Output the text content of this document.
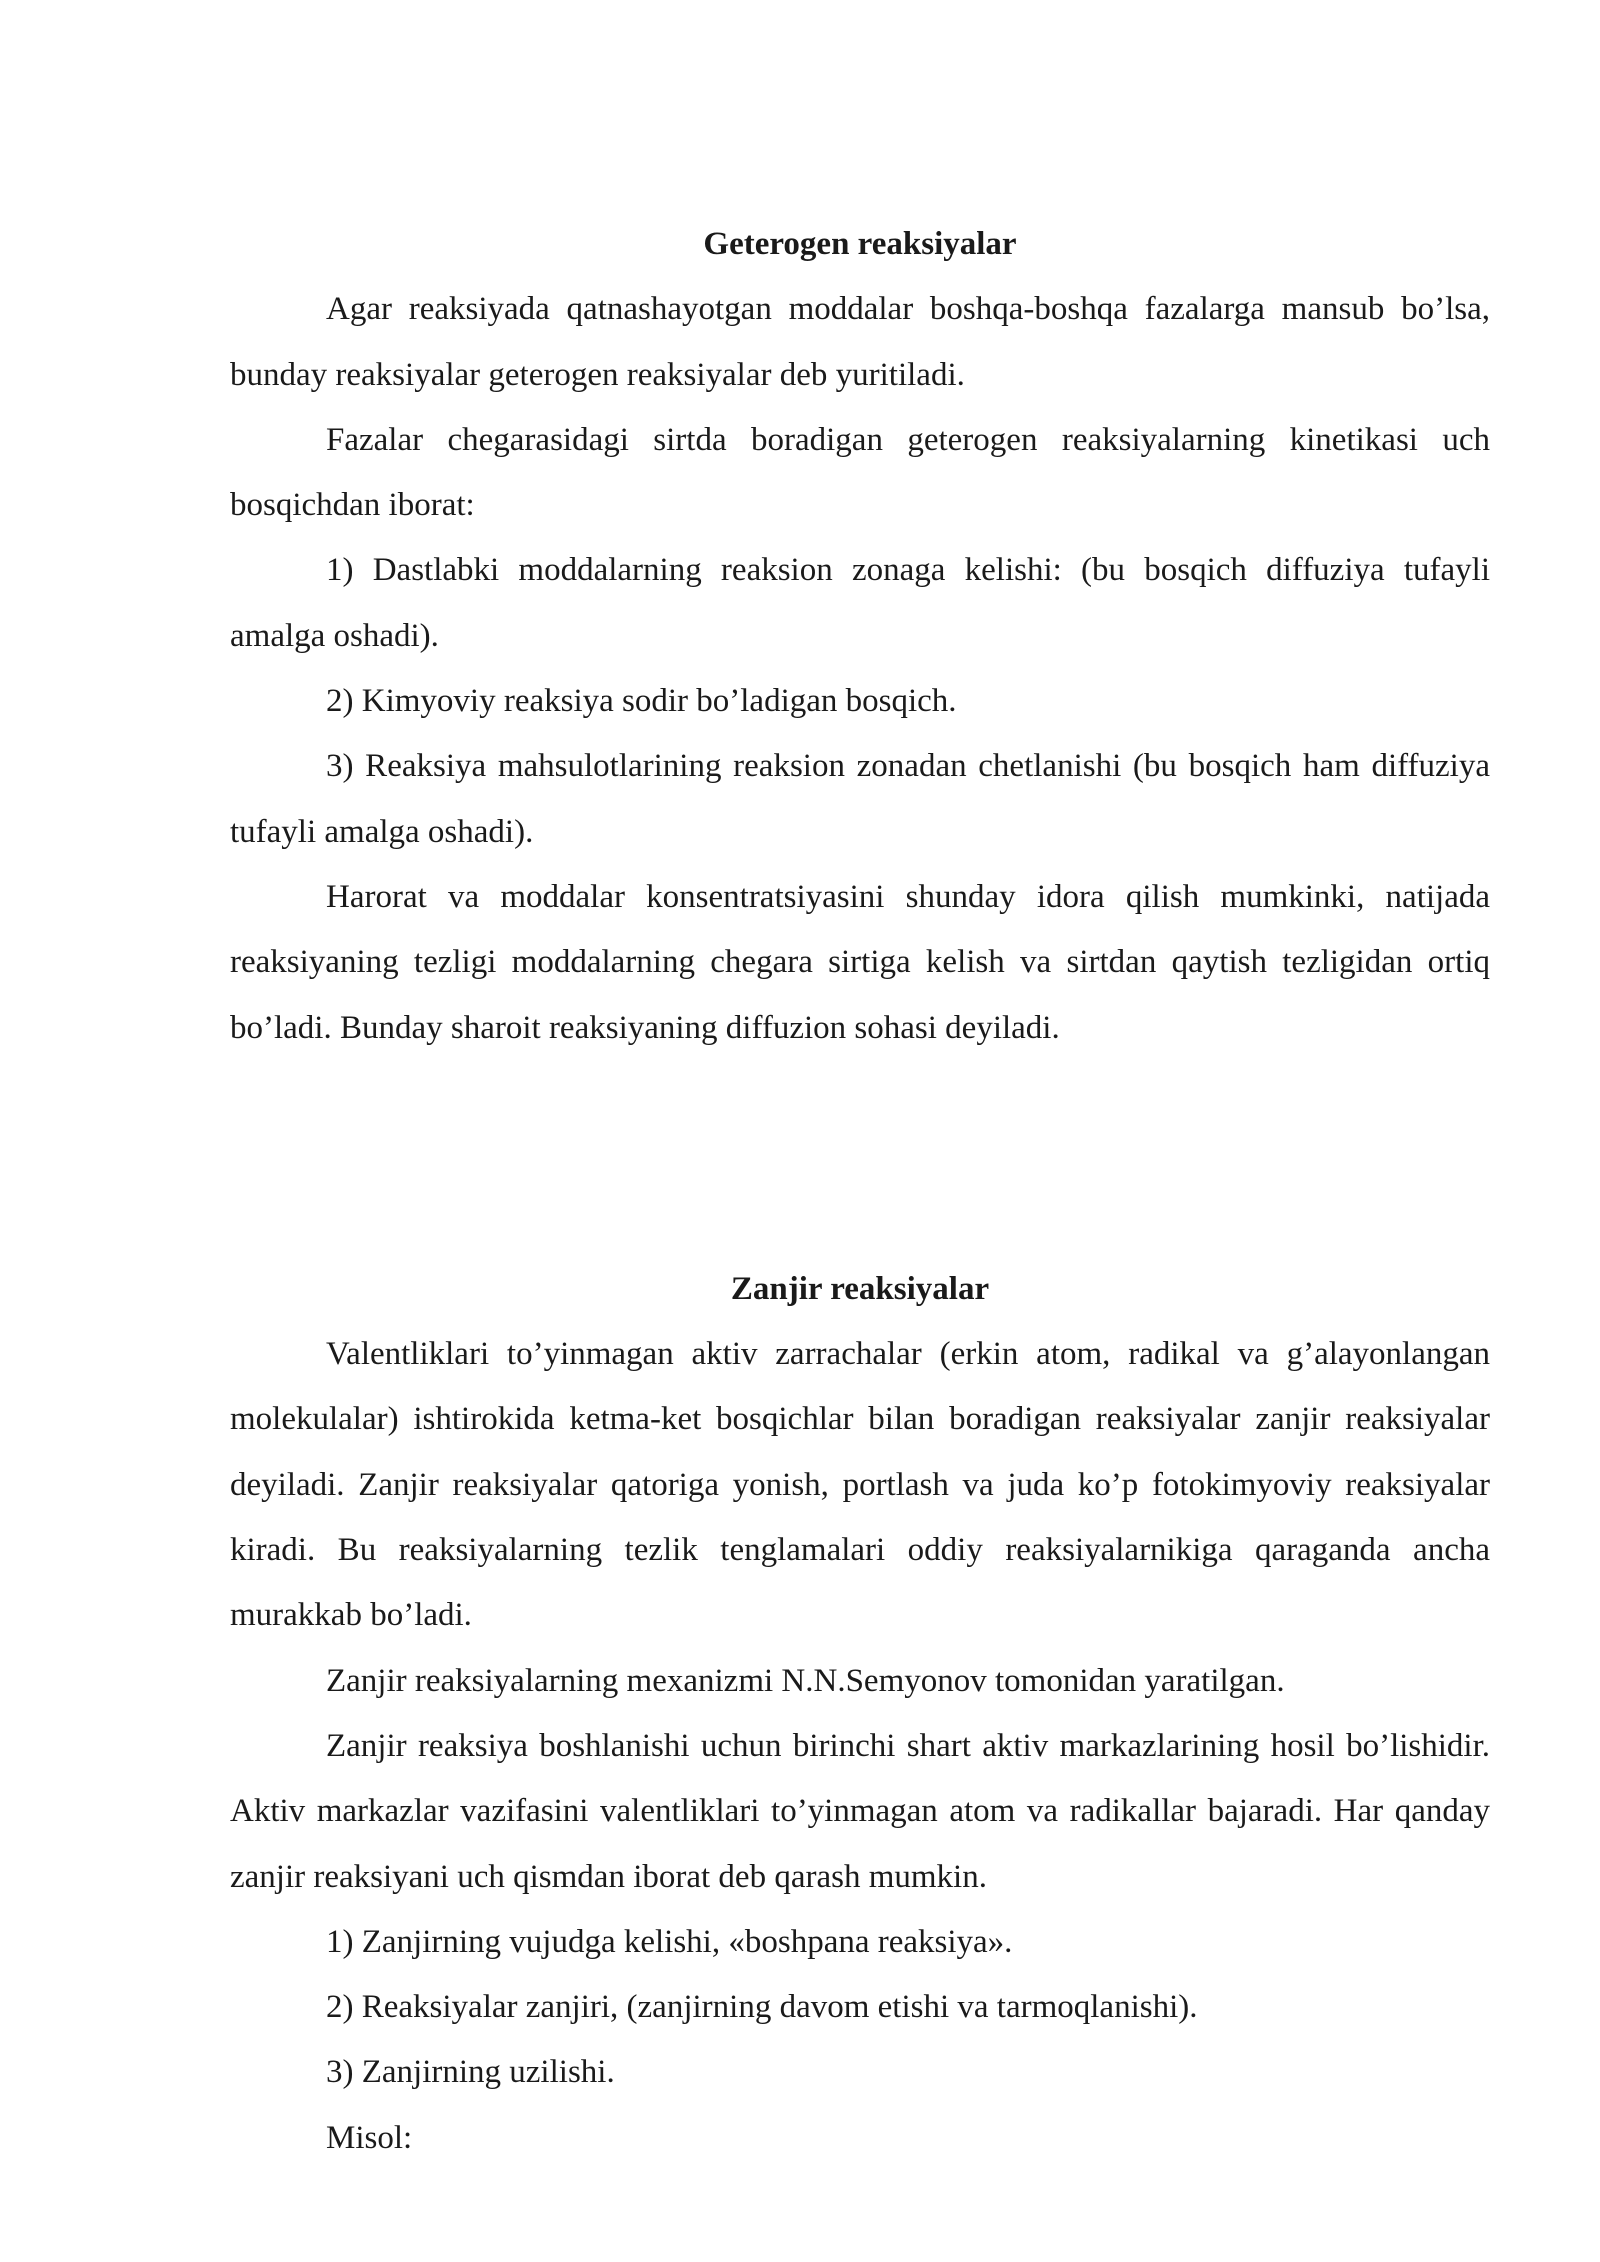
Geterogen reaksiyalar

Agar reaksiyada qatnashayotgan moddalar boshqa-boshqa fazalarga mansub bo’lsa, bunday reaksiyalar geterogen reaksiyalar deb yuritiladi.

Fazalar chegarasidagi sirtda boradigan geterogen reaksiyalarning kinetikasi uch bosqichdan iborat:

1) Dastlabki moddalarning reaksion zonaga kelishi: (bu bosqich diffuziya tufayli amalga oshadi).

2) Kimyoviy reaksiya sodir bo’ladigan bosqich.

3) Reaksiya mahsulotlarining reaksion zonadan chetlanishi (bu bosqich ham diffuziya tufayli amalga oshadi).

Harorat va moddalar konsentratsiyasini shunday idora qilish mumkinki, natijada reaksiyaning tezligi moddalarning chegara sirtiga kelish va sirtdan qaytish tezligidan ortiq bo’ladi. Bunday sharoit reaksiyaning diffuzion sohasi deyiladi.

Zanjir reaksiyalar

Valentliklari to’yinmagan aktiv zarrachalar (erkin atom, radikal va g’alayonlangan molekulalar) ishtirokida ketma-ket bosqichlar bilan boradigan reaksiyalar zanjir reaksiyalar deyiladi. Zanjir reaksiyalar qatoriga yonish, portlash va juda ko’p fotokimyoviy reaksiyalar kiradi. Bu reaksiyalarning tezlik tenglamalari oddiy reaksiyalarnikiga qaraganda ancha murakkab bo’ladi.

Zanjir reaksiyalarning mexanizmi N.N.Semyonov tomonidan yaratilgan.

Zanjir reaksiya boshlanishi uchun birinchi shart aktiv markazlarining hosil bo’lishidir. Aktiv markazlar vazifasini valentliklari to’yinmagan atom va radikallar bajaradi. Har qanday zanjir reaksiyani uch qismdan iborat deb qarash mumkin.

1) Zanjirning vujudga kelishi, «boshpana reaksiya».

2) Reaksiyalar zanjiri, (zanjirning davom etishi va tarmoqlanishi).

3) Zanjirning uzilishi.

Misol:
